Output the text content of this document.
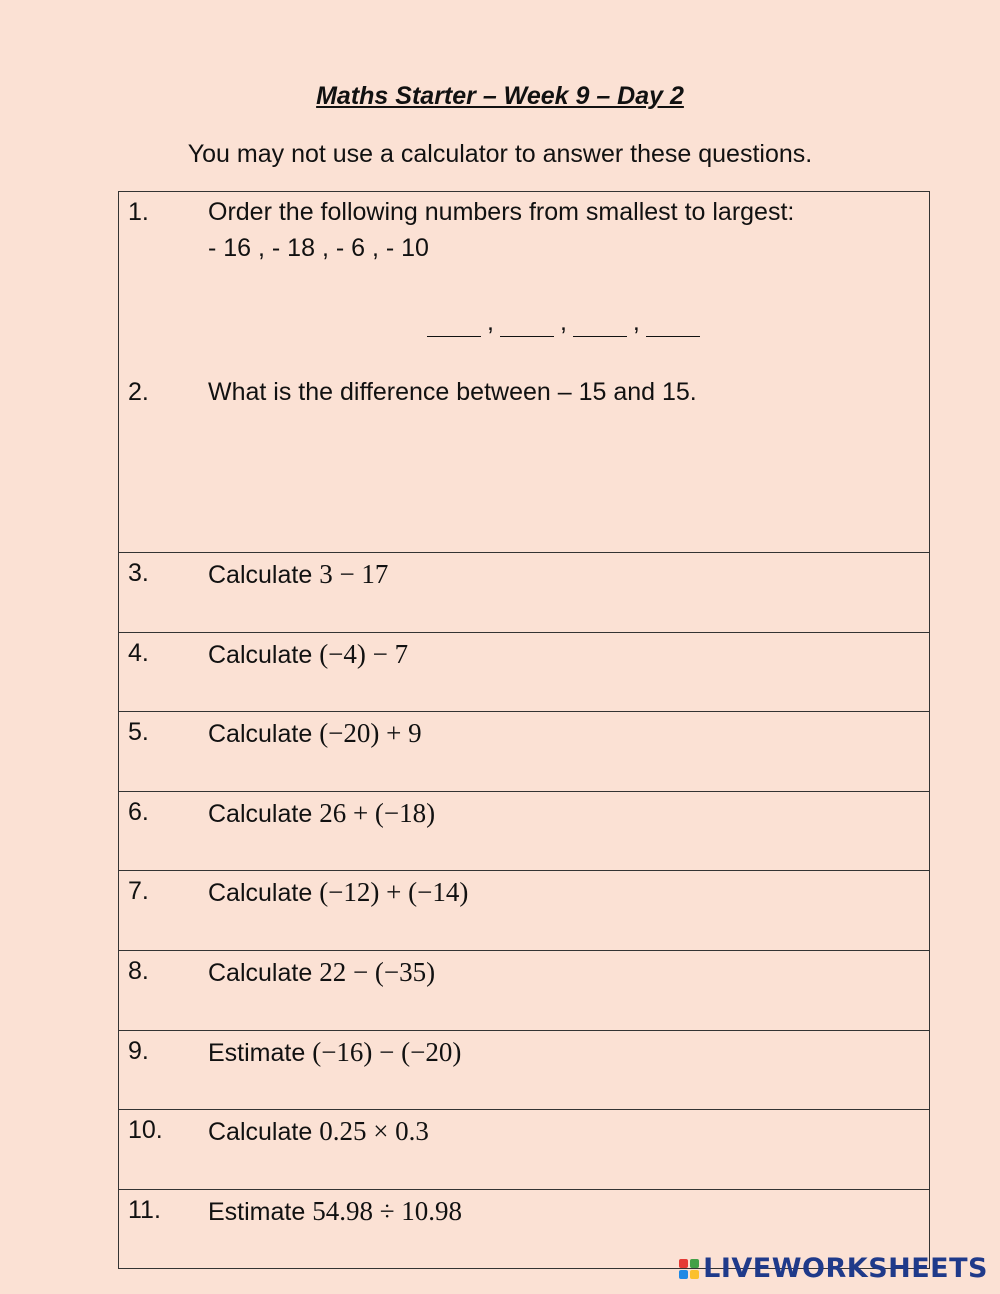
Maths Starter – Week 9 – Day 2
You may not use a calculator to answer these questions.
1. Order the following numbers from smallest to largest:
- 16 , - 18 , - 6 , - 10
,	,	,
2. What is the difference between – 15 and 15.
3. Calculate 3 − 17
4. Calculate (−4) − 7
5. Calculate (−20) + 9
6. Calculate 26 + (−18)
7. Calculate (−12) + (−14)
8. Calculate 22 − (−35)
9. Estimate (−16) − (−20)
10. Calculate 0.25 × 0.3
11. Estimate 54.98 ÷ 10.98
LIVEWORKSHEETS
